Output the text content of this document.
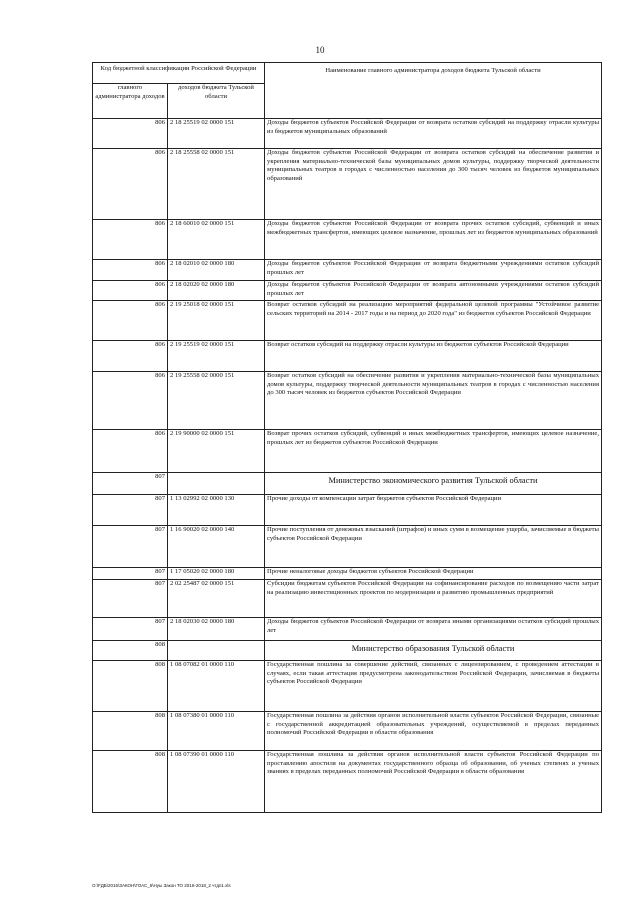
10
Код бюджетной классификации Российской Федерации		Наименование главного администратора доходов бюджета Тульской области
главного администратора доходов	доходов бюджета Тульской области	
806	2 18 25519 02 0000 151	Доходы бюджетов субъектов Российской Федерации от возврата остатков субсидий на поддержку отрасли культуры из бюджетов муниципальных образований
806	2 18 25558 02 0000 151	Доходы бюджетов субъектов Российской Федерации от возврата остатков субсидий на обеспечение развития и укрепления материально-технической базы муниципальных домов культуры, поддержку творческой деятельности муниципальных театров в городах с численностью населения до 300 тысяч человек из бюджетов муниципальных образований
806	2 18 60010 02 0000 151	Доходы бюджетов субъектов Российской Федерации от возврата прочих остатков субсидий, субвенций и иных межбюджетных трансфертов, имеющих целевое назначение, прошлых лет из бюджетов муниципальных образований
806	2 18 02010 02 0000 180	Доходы бюджетов субъектов Российской Федерации от возврата бюджетными учреждениями остатков субсидий прошлых лет
806	2 18 02020 02 0000 180	Доходы бюджетов субъектов Российской Федерации от возврата автономными учреждениями остатков субсидий прошлых лет
806	2 19 25018 02 0000 151	Возврат остатков субсидий на реализацию мероприятий федеральной целевой программы "Устойчивое развитие сельских территорий на 2014 - 2017 годы и на период до 2020 года" из бюджетов субъектов Российской Федерации
806	2 19 25519 02 0000 151	Возврат остатков субсидий на поддержку отрасли культуры из бюджетов субъектов Российской Федерации
806	2 19 25558 02 0000 151	Возврат остатков субсидий на обеспечение развития и укрепления материально-технической базы муниципальных домов культуры, поддержку творческой деятельности муниципальных театров в городах с численностью населения до 300 тысяч человек из бюджетов субъектов Российской Федерации
806	2 19 90000 02 0000 151	Возврат прочих остатков субсидий, субвенций и иных межбюджетных трансфертов, имеющих целевое назначение, прошлых лет из бюджетов субъектов Российской Федерации
807		Министерство экономического развития Тульской области
807	1 13 02992 02 0000 130	Прочие доходы от компенсации затрат бюджетов субъектов Российской Федерации
807	1 16 90020 02 0000 140	Прочие поступления от денежных взысканий (штрафов) и иных сумм в возмещение ущерба, зачисляемые в бюджеты субъектов Российской Федерации
807	1 17 05020 02 0000 180	Прочие неналоговые доходы бюджетов субъектов Российской Федерации
807	2 02 25487 02 0000 151	Субсидии бюджетам субъектов Российской Федерации на софинансирование расходов по возмещению части затрат на реализацию инвестиционных проектов по модернизации и развитию промышленных предприятий
807	2 18 02030 02 0000 180	Доходы бюджетов субъектов Российской Федерации от возврата иными организациями остатков субсидий прошлых лет
808		Министерство образования Тульской области
808	1 08 07082 01 0000 110	Государственная пошлина за совершение действий, связанных с лицензированием, с проведением аттестации в случаях, если такая аттестация предусмотрена законодательством Российской Федерации, зачисляемая в бюджеты субъектов Российской Федерации
808	1 08 07380 01 0000 110	Государственная пошлина за действия органов исполнительной власти субъектов Российской Федерации, связанные с государственной аккредитацией образовательных учреждений, осуществляемой в пределах переданных полномочий Российской Федерации в области образования
808	1 08 07390 01 0000 110	Государственная пошлина за действия органов исполнительной власти субъектов Российской Федерации по проставлению апостиля на документах государственного образца об образовании, об ученых степенях и ученых званиях в пределах переданных полномочий Российской Федерации в области образования
O:\FДБ\2016\ЗАКОН\ГОАС_5\Нуы Закон ТО 2016-2018_2 чтдп1.xls
